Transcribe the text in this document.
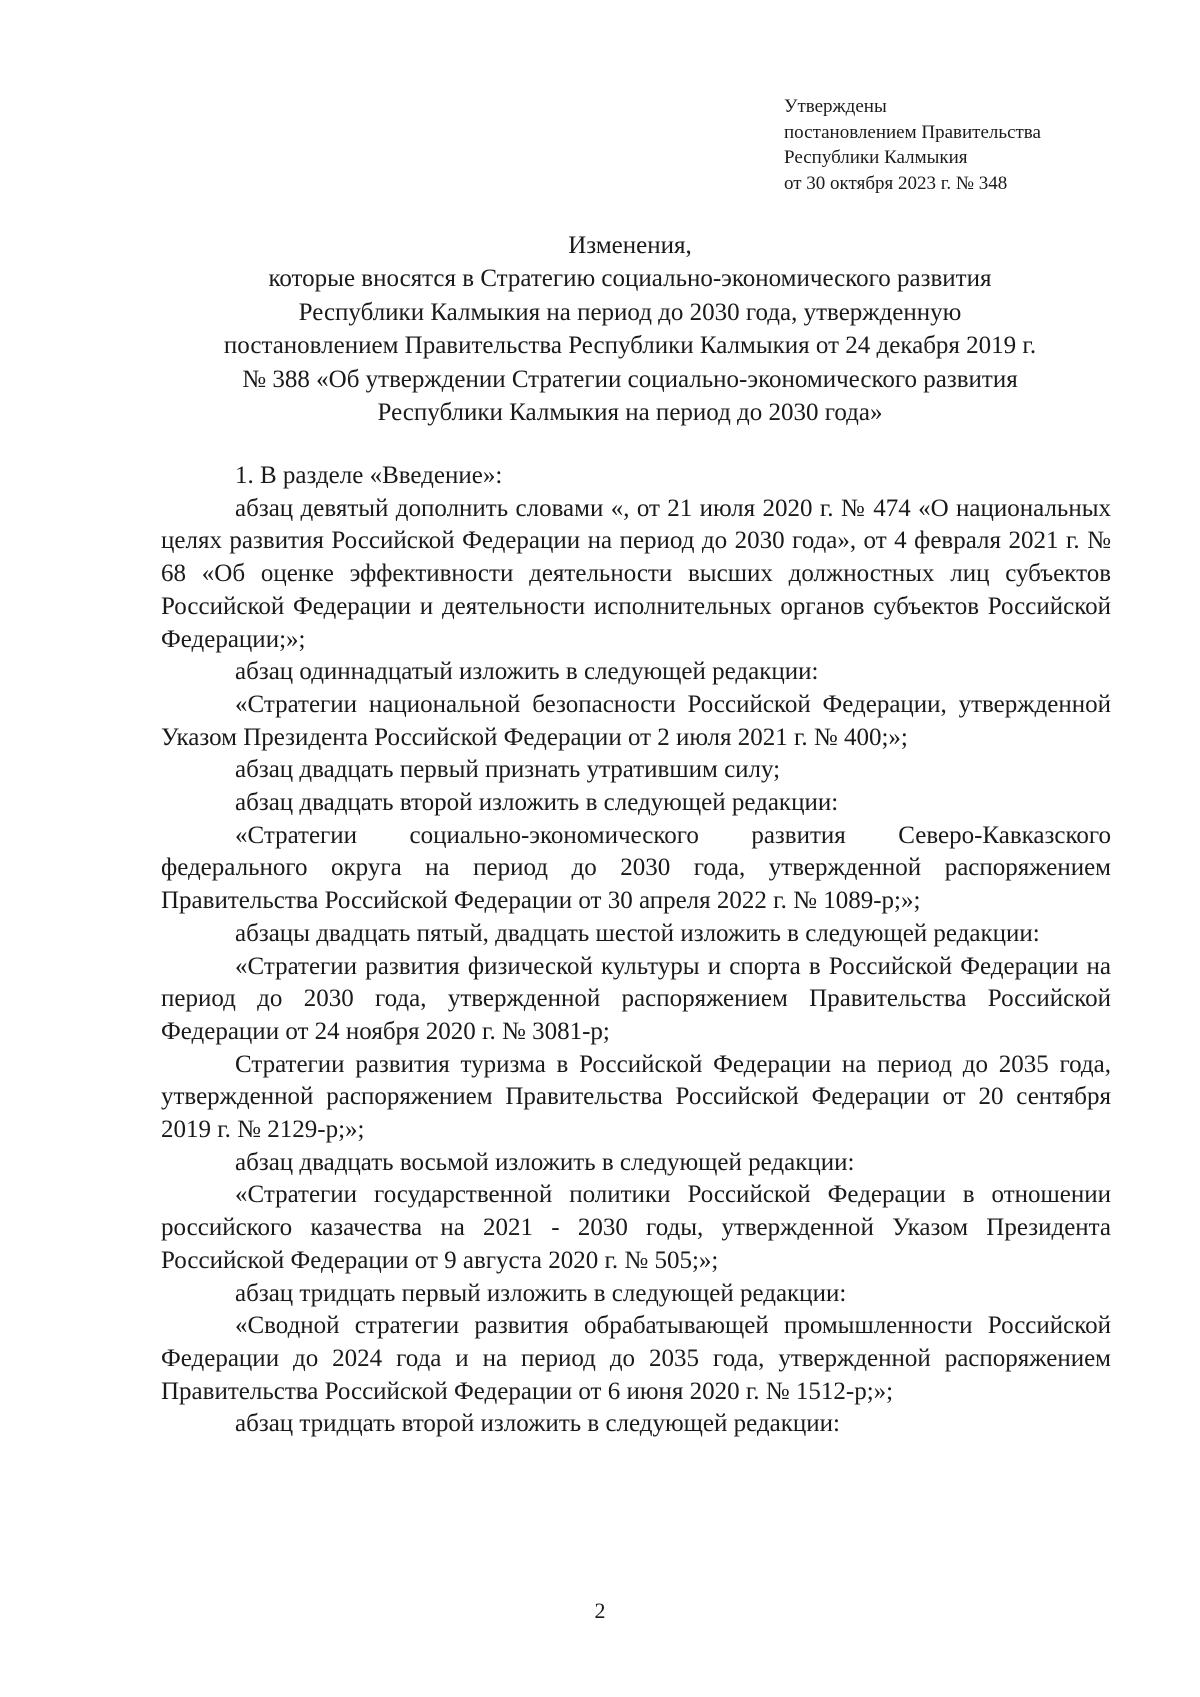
Утверждены
постановлением Правительства
Республики Калмыкия
от 30 октября 2023 г. № 348
Изменения,
которые вносятся в Стратегию социально-экономического развития
Республики Калмыкия на период до 2030 года, утвержденную
постановлением Правительства Республики Калмыкия от 24 декабря 2019 г.
№ 388 «Об утверждении Стратегии социально-экономического развития
Республики Калмыкия на период до 2030 года»

1. В разделе «Введение»:

абзац девятый дополнить словами «, от 21 июля 2020 г. № 474 «О национальных целях развития Российской Федерации на период до 2030 года», от 4 февраля 2021 г. № 68 «Об оценке эффективности деятельности высших должностных лиц субъектов Российской Федерации и деятельности исполнительных органов субъектов Российской Федерации;»;

абзац одиннадцатый изложить в следующей редакции:

«Стратегии национальной безопасности Российской Федерации, утвержденной Указом Президента Российской Федерации от 2 июля 2021 г. № 400;»;

абзац двадцать первый признать утратившим силу;

абзац двадцать второй изложить в следующей редакции:

«Стратегии социально-экономического развития Северо-Кавказского федерального округа на период до 2030 года, утвержденной распоряжением Правительства Российской Федерации от 30 апреля 2022 г. № 1089-р;»;

абзацы двадцать пятый, двадцать шестой изложить в следующей редакции:

«Стратегии развития физической культуры и спорта в Российской Федерации на период до 2030 года, утвержденной распоряжением Правительства Российской Федерации от 24 ноября 2020 г. № 3081-р;

Стратегии развития туризма в Российской Федерации на период до 2035 года, утвержденной распоряжением Правительства Российской Федерации от 20 сентября 2019 г. № 2129-р;»;

абзац двадцать восьмой изложить в следующей редакции:

«Стратегии государственной политики Российской Федерации в отношении российского казачества на 2021 - 2030 годы, утвержденной Указом Президента Российской Федерации от 9 августа 2020 г. № 505;»;

абзац тридцать первый изложить в следующей редакции:

«Сводной стратегии развития обрабатывающей промышленности Российской Федерации до 2024 года и на период до 2035 года, утвержденной распоряжением Правительства Российской Федерации от 6 июня 2020 г. № 1512-р;»;

абзац тридцать второй изложить в следующей редакции:

2
